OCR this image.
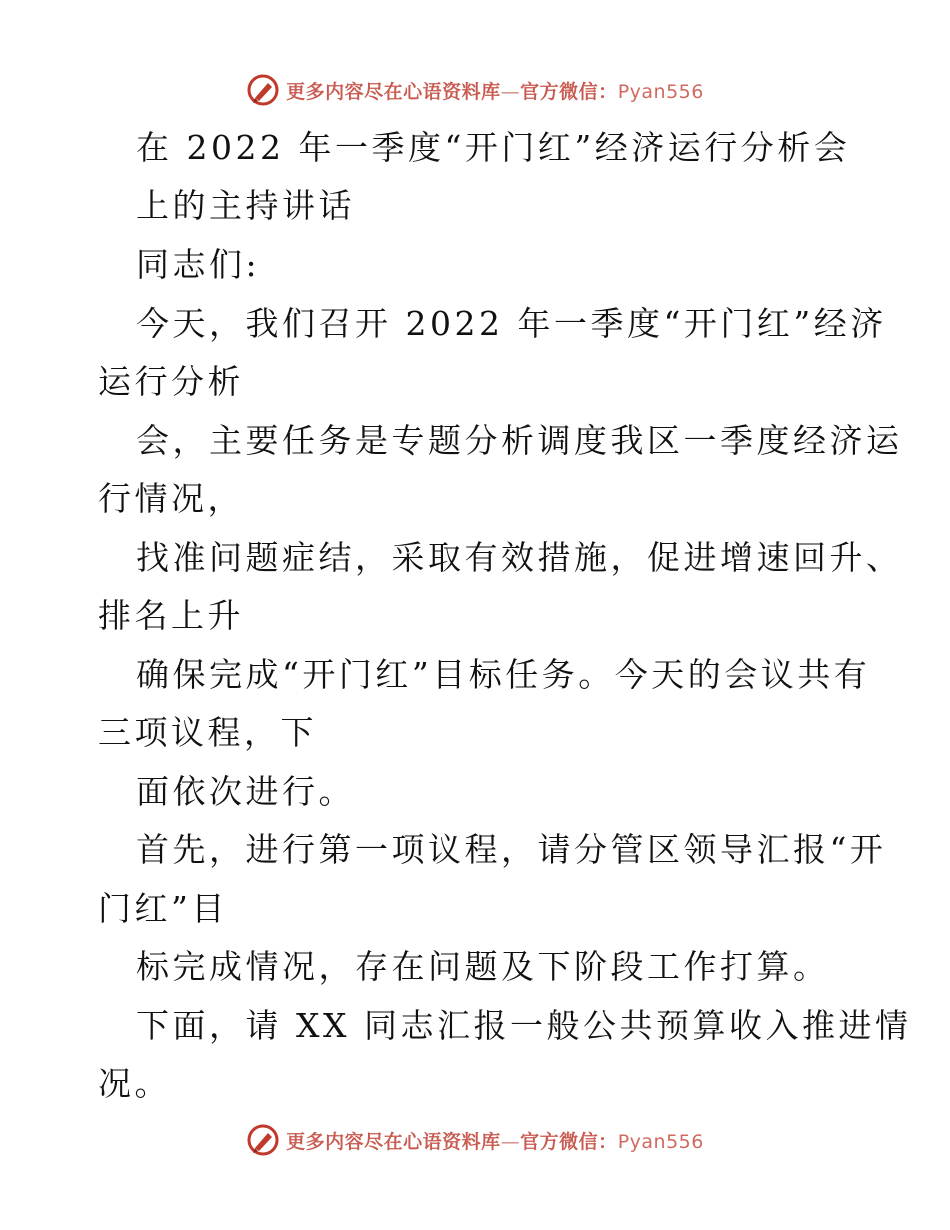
更多内容尽在心语资料库—官方微信：Pyan556
在 2022 年一季度“开门红”经济运行分析会
上的主持讲话
同志们:
今天，我们召开 2022 年一季度“开门红”经济
运行分析
会，主要任务是专题分析调度我区一季度经济运
行情况，
找准问题症结，采取有效措施，促进增速回升、
排名上升
确保完成“开门红”目标任务。今天的会议共有
三项议程，下
面依次进行。
首先，进行第一项议程，请分管区领导汇报“开
门红”目
标完成情况，存在问题及下阶段工作打算。
下面，请 XX 同志汇报一般公共预算收入推进情
况。
更多内容尽在心语资料库—官方微信：Pyan556
